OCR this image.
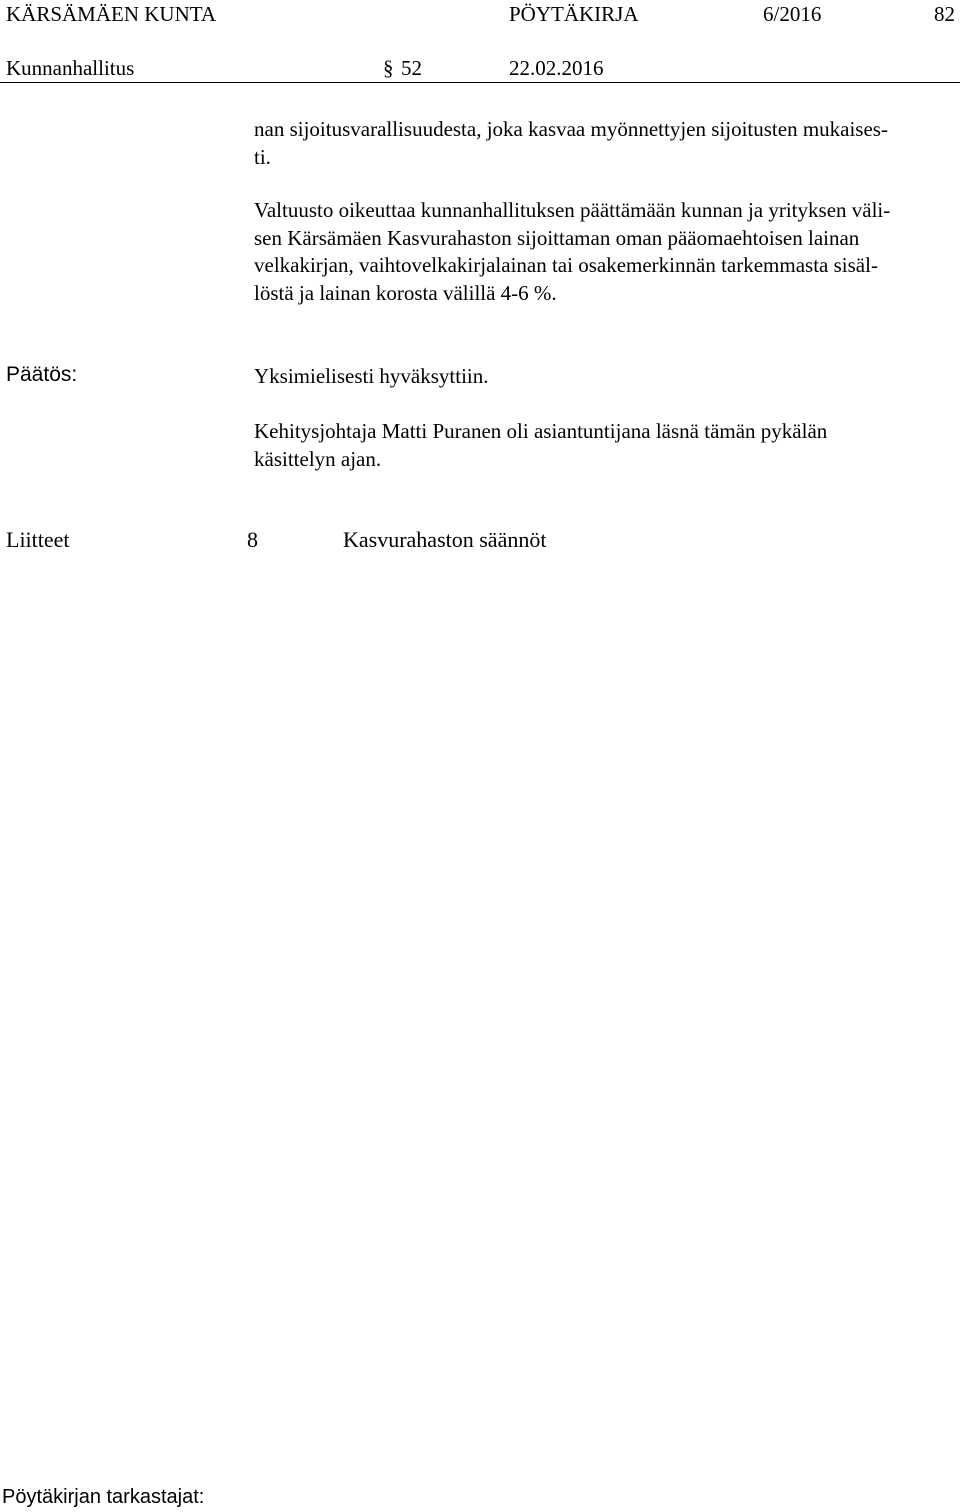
KÄRSÄMÄEN KUNTA	PÖYTÄKIRJA	6/2016	82
Kunnanhallitus	§ 52	22.02.2016
nan sijoitusvarallisuudesta, joka kasvaa myönnettyjen sijoitusten mukaises-
ti.
Valtuusto oikeuttaa kunnanhallituksen päättämään kunnan ja yrityksen väli-
sen Kärsämäen Kasvurahaston sijoittaman oman pääomaehtoisen lainan
velkakirjan, vaihtovelkakirjalainan tai osakemerkinnän tarkemmasta sisäl-
löstä ja lainan korosta välillä 4-6 %.
Päätös:	Yksimielisesti hyväksyttiin.
Kehitysjohtaja Matti Puranen oli asiantuntijana läsnä tämän pykälän
käsittelyn ajan.
Liitteet	8	Kasvurahaston säännöt
Pöytäkirjan tarkastajat:
